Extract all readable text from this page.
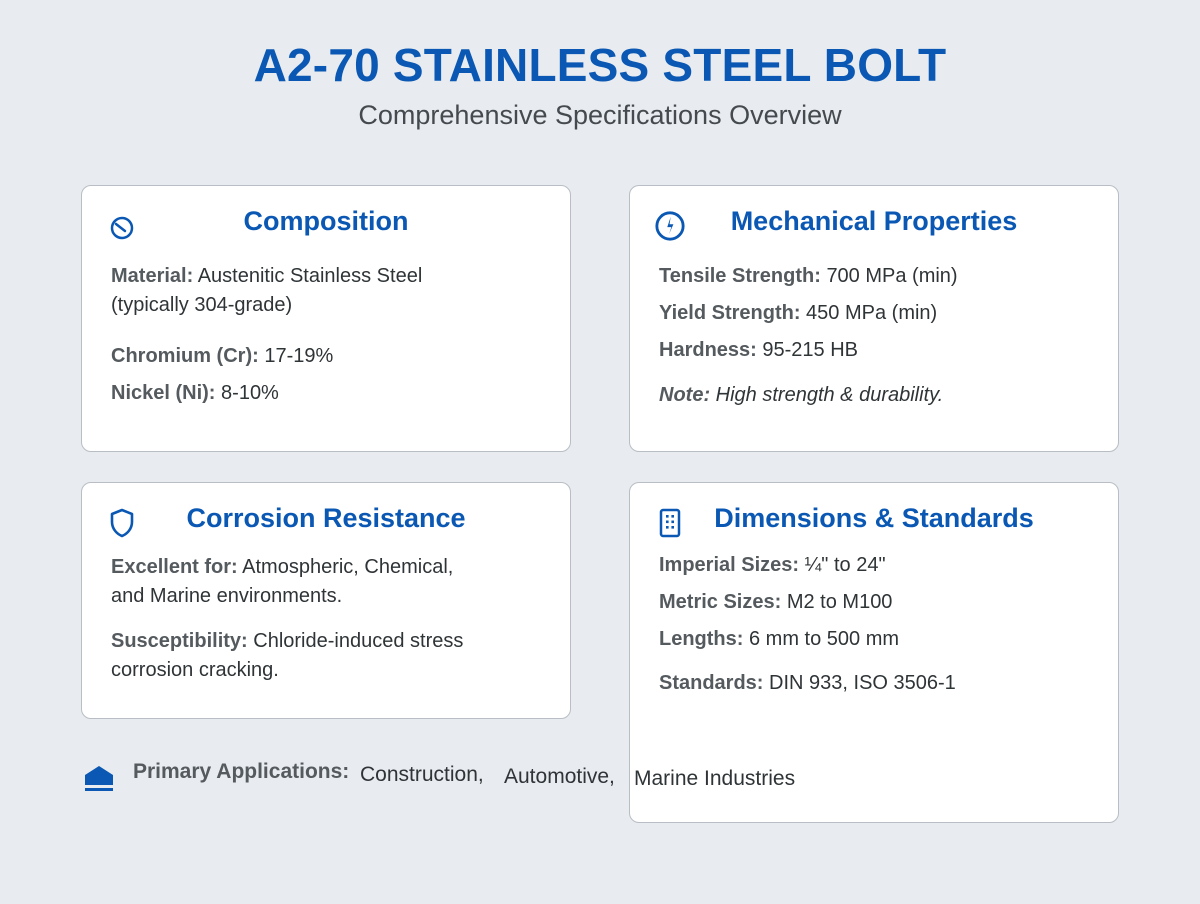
A2-70 STAINLESS STEEL BOLT
Comprehensive Specifications Overview
Composition
Material: Austenitic Stainless Steel
(typically 304-grade)
Chromium (Cr): 17-19%
Nickel (Ni): 8-10%
Mechanical Properties
Tensile Strength: 700 MPa (min)
Yield Strength: 450 MPa (min)
Hardness: 95-215 HB
Note: High strength & durability.
Corrosion Resistance
Excellent for: Atmospheric, Chemical,
and Marine environments.
Susceptibility: Chloride-induced stress
corrosion cracking.
Dimensions & Standards
Imperial Sizes: ¼" to 24"
Metric Sizes: M2 to M100
Lengths: 6 mm to 500 mm
Standards: DIN 933, ISO 3506-1
Primary Applications: Construction, Automotive, Marine Industries
